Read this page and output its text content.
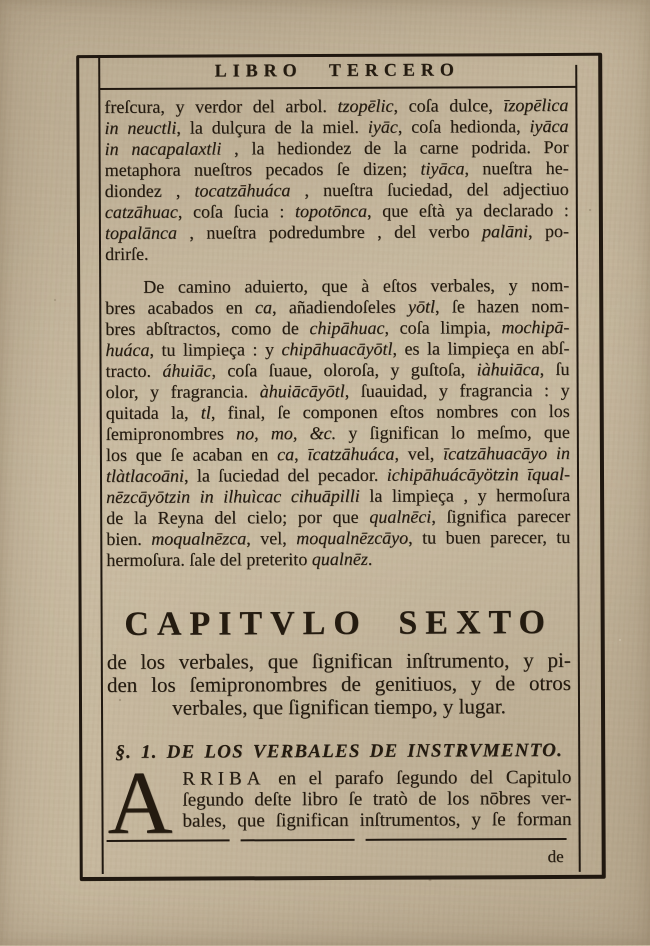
LIBRO TERCERO
freſcura, y verdor del arbol. tzopēlic, coſa dulce, īzopēlica
in neuctli, la dulçura de la miel. iyāc, coſa hedionda, iyāca
in nacapalaxtli , la hediondez de la carne podrida. Por
metaphora nueſtros pecados ſe dizen; tiyāca, nueſtra he-
diondez , tocatzāhuáca , nueſtra ſuciedad, del adjectiuo
catzāhuac, coſa ſucia : topotōnca, que eſtà ya declarado :
topalānca , nueſtra podredumbre , del verbo palāni, po-
drirſe.
De camino aduierto, que à eſtos verbales, y nom-
bres acabados en ca, añadiendoſeles yōtl, ſe hazen nom-
bres abſtractos, como de chipāhuac, coſa limpia, mochipā-
huáca, tu limpieça : y chipāhuacāyōtl, es la limpieça en abſ-
tracto. áhuiāc, coſa ſuaue, oloroſa, y guſtoſa, iàhuiāca, ſu
olor, y fragrancia. àhuiācāyōtl, ſuauidad, y fragrancia : y
quitada la, tl, final, ſe componen eſtos nombres con los
ſemipronombres no, mo, &c. y ſignifican lo meſmo, que
los que ſe acaban en ca, īcatzāhuáca, vel, īcatzāhuacāyo in
tlàtlacoāni, la ſuciedad del pecador. ichipāhuácāyötzin īqual-
nēzcāyōtzin in ilhuìcac cihuāpilli la limpieça , y hermoſura
de la Reyna del cielo; por que qualnēci, ſignifica parecer
bien. moqualnēzca, vel, moqualnēzcāyo, tu buen parecer, tu
hermoſura. ſale del preterito qualnēz.
CAPITVLO SEXTO
de los verbales, que ſignifican inſtrumento, y pi-
den los ſemipronombres de genitiuos, y de otros
verbales, que ſignifican tiempo, y lugar.
§. 1. DE LOS VERBALES DE INSTRVMENTO.
A RRIBA en el parafo ſegundo del Capitulo
ſegundo deſte libro ſe tratò de los nōbres ver-
bales, que ſignifican inſtrumentos, y ſe forman
de
